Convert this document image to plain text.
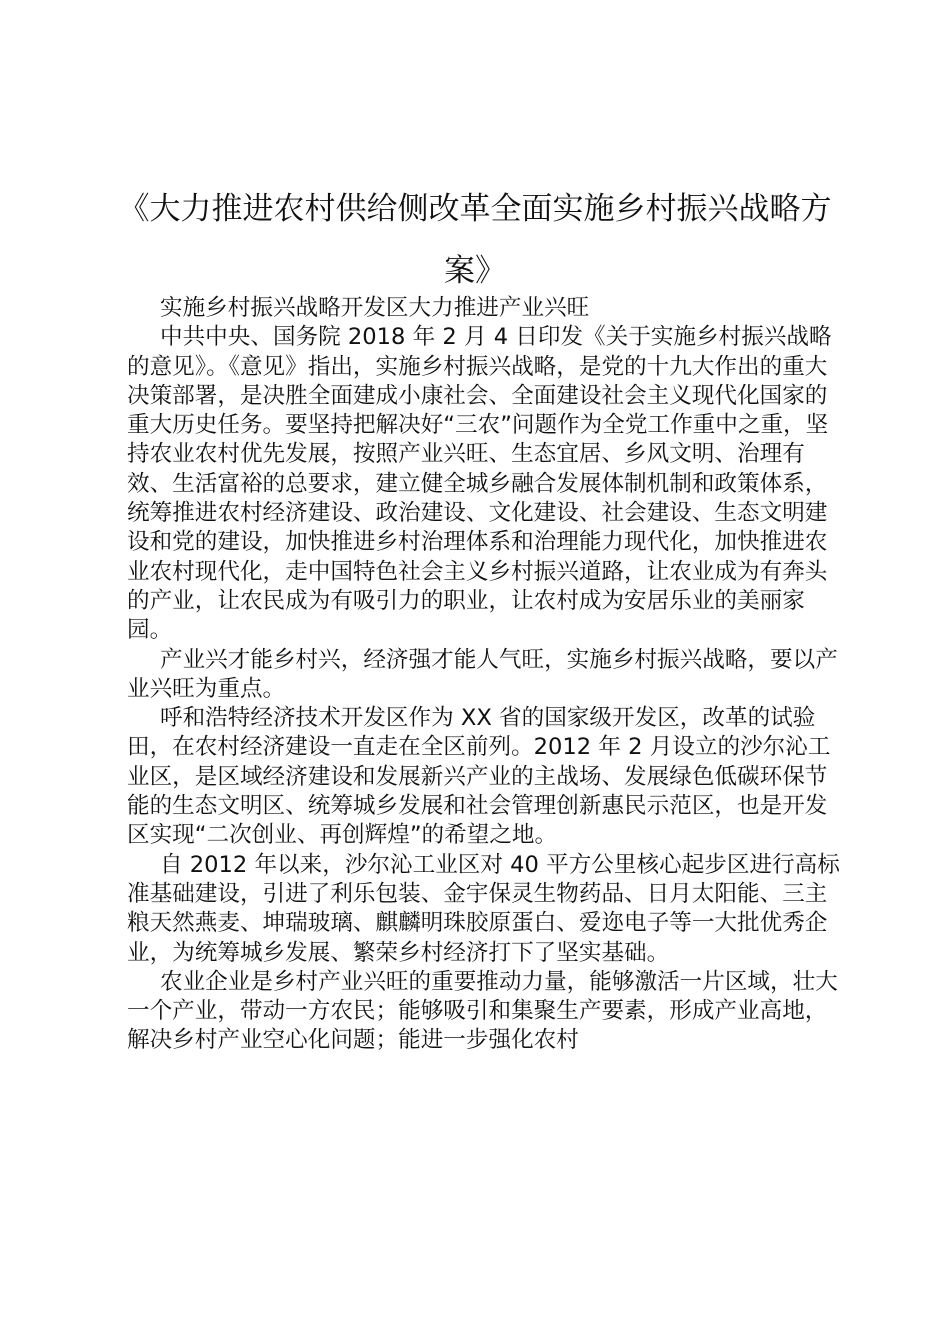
《大力推进农村供给侧改革全面实施乡村振兴战略方案》

实施乡村振兴战略开发区大力推进产业兴旺

中共中央、国务院 2018 年 2 月 4 日印发《关于实施乡村振兴战略的意见》。《意见》指出，实施乡村振兴战略，是党的十九大作出的重大决策部署，是决胜全面建成小康社会、全面建设社会主义现代化国家的重大历史任务。要坚持把解决好“三农”问题作为全党工作重中之重，坚持农业农村优先发展，按照产业兴旺、生态宜居、乡风文明、治理有效、生活富裕的总要求，建立健全城乡融合发展体制机制和政策体系，统筹推进农村经济建设、政治建设、文化建设、社会建设、生态文明建设和党的建设，加快推进乡村治理体系和治理能力现代化，加快推进农业农村现代化，走中国特色社会主义乡村振兴道路，让农业成为有奔头的产业，让农民成为有吸引力的职业，让农村成为安居乐业的美丽家园。

产业兴才能乡村兴，经济强才能人气旺，实施乡村振兴战略，要以产业兴旺为重点。

呼和浩特经济技术开发区作为 XX 省的国家级开发区，改革的试验田，在农村经济建设一直走在全区前列。2012 年 2 月设立的沙尔沁工业区，是区域经济建设和发展新兴产业的主战场、发展绿色低碳环保节能的生态文明区、统筹城乡发展和社会管理创新惠民示范区，也是开发区实现“二次创业、再创辉煌”的希望之地。

自 2012 年以来，沙尔沁工业区对 40 平方公里核心起步区进行高标准基础建设，引进了利乐包装、金宇保灵生物药品、日月太阳能、三主粮天然燕麦、坤瑞玻璃、麒麟明珠胶原蛋白、爱迩电子等一大批优秀企业，为统筹城乡发展、繁荣乡村经济打下了坚实基础。

农业企业是乡村产业兴旺的重要推动力量，能够激活一片区域，壮大一个产业，带动一方农民；能够吸引和集聚生产要素，形成产业高地，解决乡村产业空心化问题；能进一步强化农村
